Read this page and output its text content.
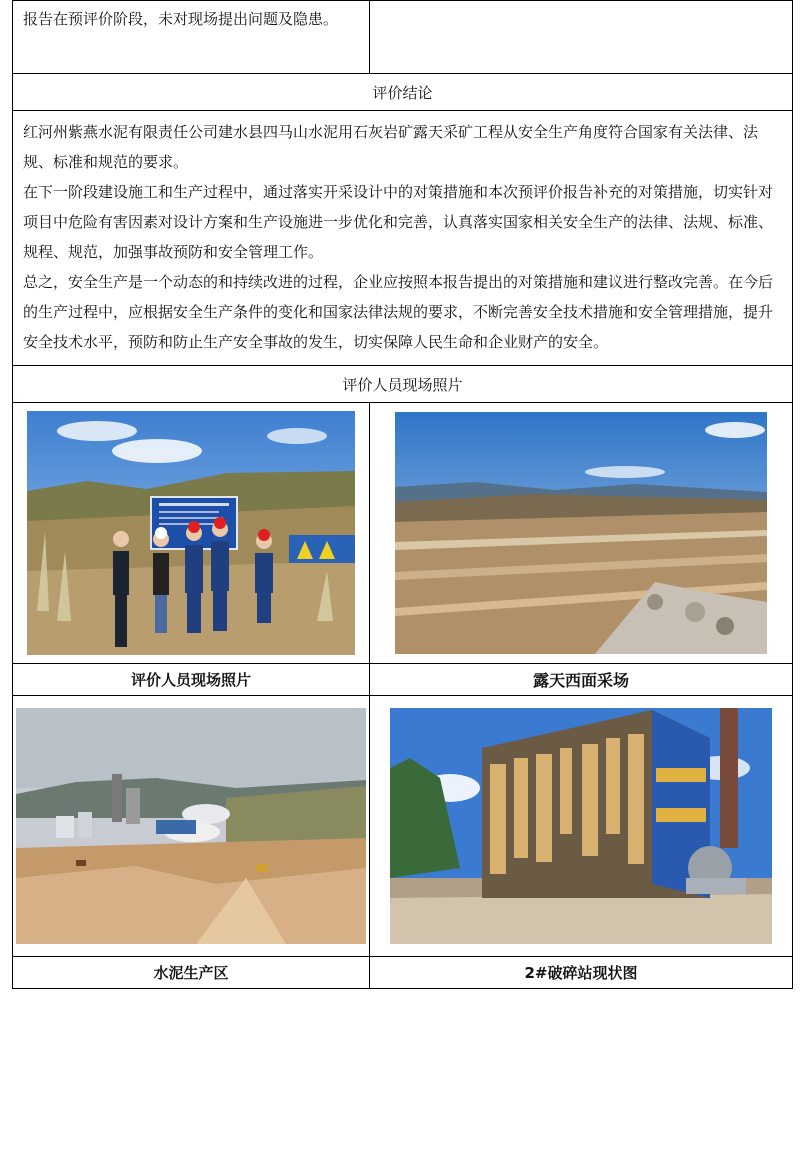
报告在预评价阶段，未对现场提出问题及隐患。	
评价结论	

红河州紫燕水泥有限责任公司建水县四马山水泥用石灰岩矿露天采矿工程从安全生产角度符合国家有关法律、法规、标准和规范的要求。

在下一阶段建设施工和生产过程中，通过落实开采设计中的对策措施和本次预评价报告补充的对策措施，切实针对项目中危险有害因素对设计方案和生产设施进一步优化和完善，认真落实国家相关安全生产的法律、法规、标准、规程、规范，加强事故预防和安全管理工作。

总之，安全生产是一个动态的和持续改进的过程，企业应按照本报告提出的对策措施和建议进行整改完善。在今后的生产过程中，应根据安全生产条件的变化和国家法律法规的要求，不断完善安全技术措施和安全管理措施，提升安全技术水平，预防和防止生产安全事故的发生，切实保障人民生命和企业财产的安全。	

评价人员现场照片	

评价人员现场照片	露天西面采场

水泥生产区	2#破碎站现状图
